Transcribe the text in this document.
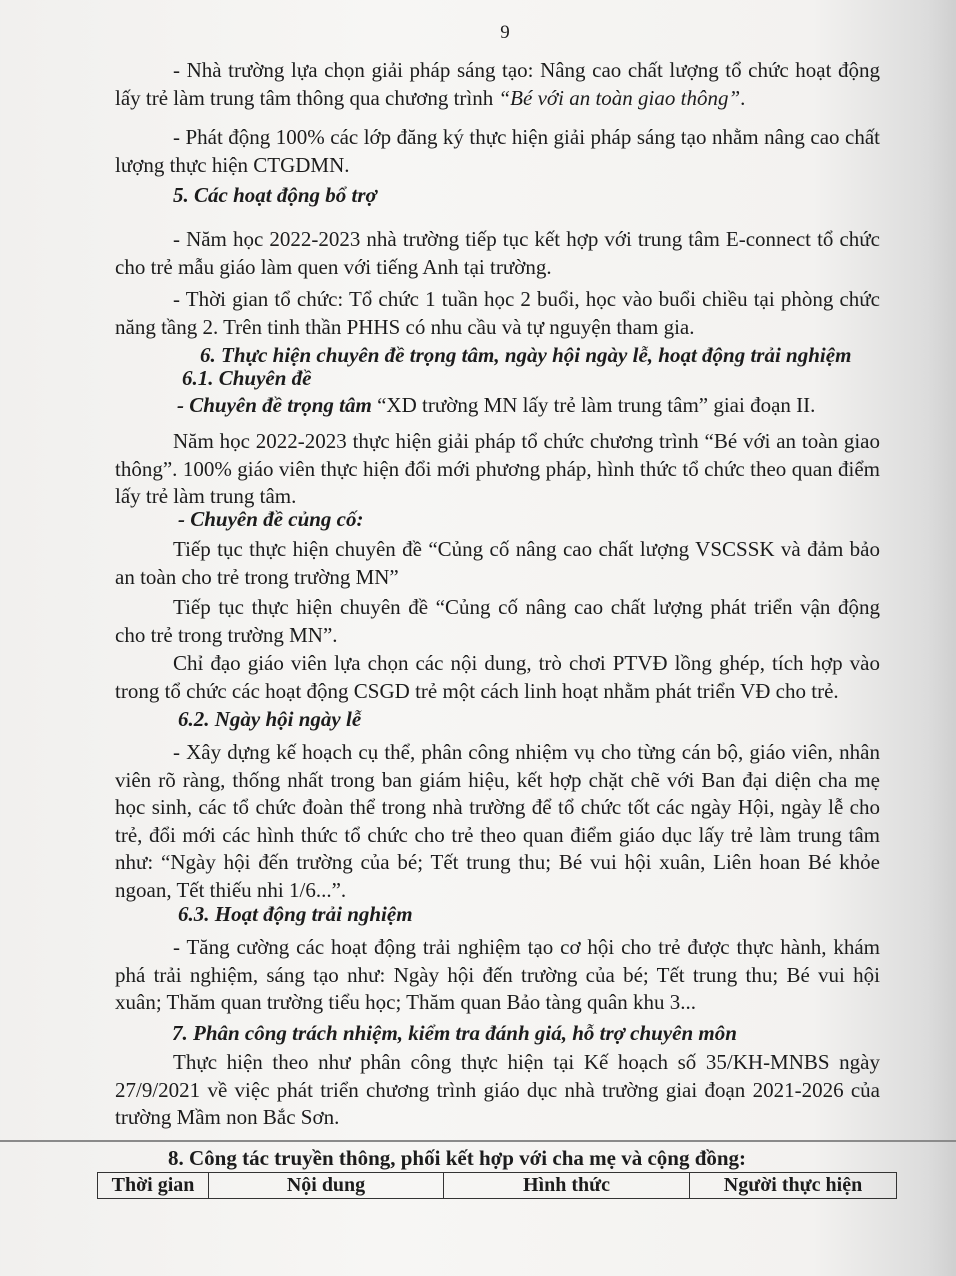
9
- Nhà trường lựa chọn giải pháp sáng tạo: Nâng cao chất lượng tổ chức hoạt động lấy trẻ làm trung tâm thông qua chương trình “Bé với an toàn giao thông”.
- Phát động 100% các lớp đăng ký thực hiện giải pháp sáng tạo nhằm nâng cao chất lượng thực hiện CTGDMN.
5. Các hoạt động bổ trợ
- Năm học 2022-2023 nhà trường tiếp tục kết hợp với trung tâm E-connect tổ chức cho trẻ mẫu giáo làm quen với tiếng Anh tại trường.
- Thời gian tổ chức: Tổ chức 1 tuần học 2 buổi, học vào buổi chiều tại phòng chức năng tầng 2. Trên tinh thần PHHS có nhu cầu và tự nguyện tham gia.
6. Thực hiện chuyên đề trọng tâm, ngày hội ngày lễ, hoạt động trải nghiệm
6.1. Chuyên đề
- Chuyên đề trọng tâm “XD trường MN lấy trẻ làm trung tâm” giai đoạn II.
Năm học 2022-2023 thực hiện giải pháp tổ chức chương trình “Bé với an toàn giao thông”. 100% giáo viên thực hiện đổi mới phương pháp, hình thức tổ chức theo quan điểm lấy trẻ làm trung tâm.
- Chuyên đề củng cố:
Tiếp tục thực hiện chuyên đề “Củng cố nâng cao chất lượng VSCSSK và đảm bảo an toàn cho trẻ trong trường MN”
Tiếp tục thực hiện chuyên đề “Củng cố nâng cao chất lượng phát triển vận động cho trẻ trong trường MN”.
Chỉ đạo giáo viên lựa chọn các nội dung, trò chơi PTVĐ lồng ghép, tích hợp vào trong tổ chức các hoạt động CSGD trẻ một cách linh hoạt nhằm phát triển VĐ cho trẻ.
6.2. Ngày hội ngày lễ
- Xây dựng kế hoạch cụ thể, phân công nhiệm vụ cho từng cán bộ, giáo viên, nhân viên rõ ràng, thống nhất trong ban giám hiệu, kết hợp chặt chẽ với Ban đại diện cha mẹ học sinh, các tổ chức đoàn thể trong nhà trường để tổ chức tốt các ngày Hội, ngày lễ cho trẻ, đổi mới các hình thức tổ chức cho trẻ theo quan điểm giáo dục lấy trẻ làm trung tâm như: “Ngày hội đến trường của bé; Tết trung thu; Bé vui hội xuân, Liên hoan Bé khỏe ngoan, Tết thiếu nhi 1/6...”.
6.3. Hoạt động trải nghiệm
- Tăng cường các hoạt động trải nghiệm tạo cơ hội cho trẻ được thực hành, khám phá trải nghiệm, sáng tạo như: Ngày hội đến trường của bé; Tết trung thu; Bé vui hội xuân; Thăm quan trường tiểu học; Thăm quan Bảo tàng quân khu 3...
7. Phân công trách nhiệm, kiểm tra đánh giá, hỗ trợ chuyên môn
Thực hiện theo như phân công thực hiện tại Kế hoạch số 35/KH-MNBS ngày 27/9/2021 về việc phát triển chương trình giáo dục nhà trường giai đoạn 2021-2026 của trường Mầm non Bắc Sơn.
8. Công tác truyền thông, phối kết hợp với cha mẹ và cộng đồng:
Thời gian	Nội dung	Hình thức	Người thực hiện
